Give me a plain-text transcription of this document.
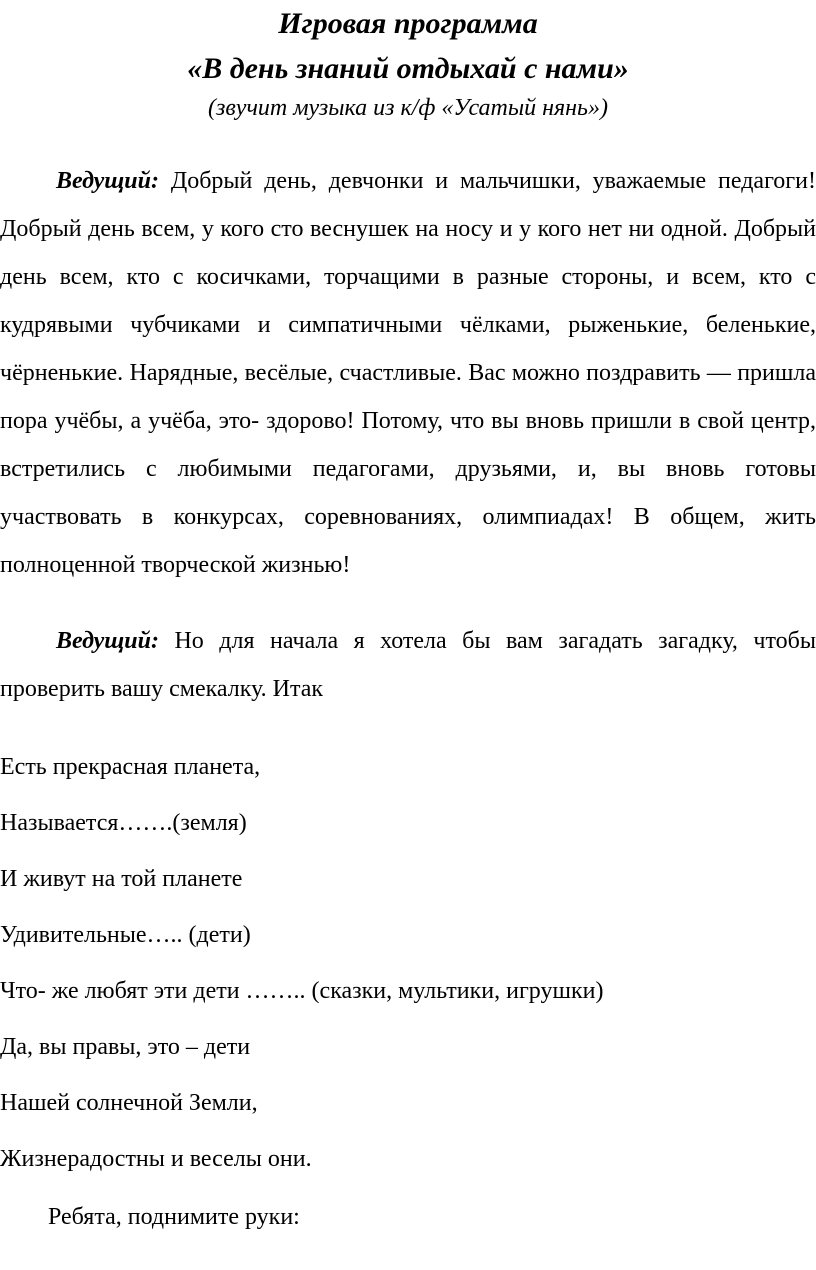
Игровая программа

«В день знаний отдыхай с нами»

(звучит музыка из к/ф «Усатый нянь»)

Ведущий: Добрый день, девчонки и мальчишки, уважаемые педагоги! Добрый день всем, у кого сто веснушек на носу и у кого нет ни одной. Добрый день всем, кто с косичками, торчащими в разные стороны, и всем, кто с кудрявыми чубчиками и симпатичными чёлками, рыженькие, беленькие, чёрненькие. Нарядные, весёлые, счастливые. Вас можно поздравить — пришла пора учёбы, а учёба, это- здорово! Потому, что вы вновь пришли в свой центр, встретились с любимыми педагогами, друзьями, и, вы вновь готовы участвовать в конкурсах, соревнованиях, олимпиадах! В общем, жить полноценной творческой жизнью!

Ведущий: Но для начала я хотела бы вам загадать загадку, чтобы проверить вашу смекалку. Итак

Есть прекрасная планета,

Называется…….(земля)

И живут на той планете

Удивительные….. (дети)

Что- же любят эти дети …….. (сказки, мультики, игрушки)

Да, вы правы, это – дети

Нашей солнечной Земли,

Жизнерадостны и веселы они.

Ребята, поднимите руки:
